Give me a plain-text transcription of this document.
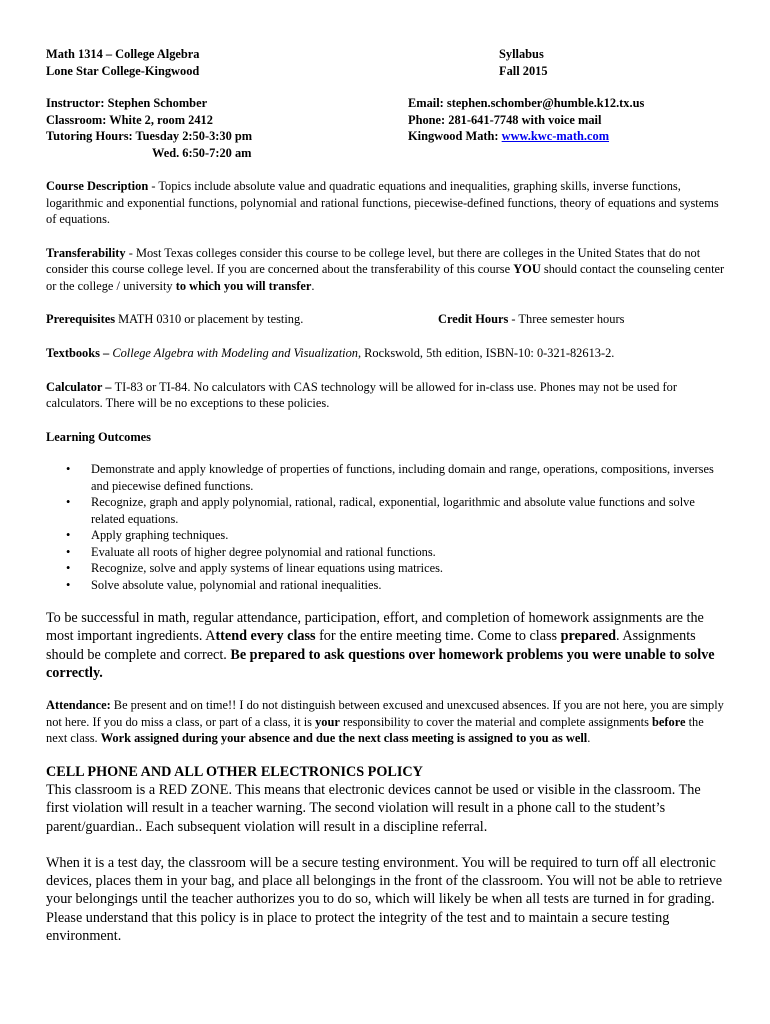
Math 1314 – College Algebra
Lone Star College-Kingwood
Syllabus
Fall 2015
Instructor: Stephen Schomber
Classroom: White 2, room 2412
Tutoring Hours: Tuesday 2:50-3:30 pm
Wed. 6:50-7:20 am
Email: stephen.schomber@humble.k12.tx.us
Phone: 281-641-7748 with voice mail
Kingwood Math: www.kwc-math.com

Course Description - Topics include absolute value and quadratic equations and inequalities, graphing skills, inverse functions, logarithmic and exponential functions, polynomial and rational functions, piecewise-defined functions, theory of equations and systems of equations.

Transferability - Most Texas colleges consider this course to be college level, but there are colleges in the United States that do not consider this course college level. If you are concerned about the transferability of this course YOU should contact the counseling center or the college / university to which you will transfer.

Prerequisites MATH 0310 or placement by testing.	Credit Hours - Three semester hours

Textbooks – College Algebra with Modeling and Visualization, Rockswold, 5th edition, ISBN-10: 0-321-82613-2.

Calculator – TI-83 or TI-84. No calculators with CAS technology will be allowed for in-class use. Phones may not be used for calculators. There will be no exceptions to these policies.

Learning Outcomes

• Demonstrate and apply knowledge of properties of functions, including domain and range, operations, compositions, inverses and piecewise defined functions.
• Recognize, graph and apply polynomial, rational, radical, exponential, logarithmic and absolute value functions and solve related equations.
• Apply graphing techniques.
• Evaluate all roots of higher degree polynomial and rational functions.
• Recognize, solve and apply systems of linear equations using matrices.
• Solve absolute value, polynomial and rational inequalities.

To be successful in math, regular attendance, participation, effort, and completion of homework assignments are the most important ingredients. Attend every class for the entire meeting time. Come to class prepared. Assignments should be complete and correct. Be prepared to ask questions over homework problems you were unable to solve correctly.

Attendance: Be present and on time!! I do not distinguish between excused and unexcused absences. If you are not here, you are simply not here. If you do miss a class, or part of a class, it is your responsibility to cover the material and complete assignments before the next class. Work assigned during your absence and due the next class meeting is assigned to you as well.

CELL PHONE AND ALL OTHER ELECTRONICS POLICY

This classroom is a RED ZONE. This means that electronic devices cannot be used or visible in the classroom. The first violation will result in a teacher warning. The second violation will result in a phone call to the student’s parent/guardian.. Each subsequent violation will result in a discipline referral.

When it is a test day, the classroom will be a secure testing environment. You will be required to turn off all electronic devices, places them in your bag, and place all belongings in the front of the classroom. You will not be able to retrieve your belongings until the teacher authorizes you to do so, which will likely be when all tests are turned in for grading. Please understand that this policy is in place to protect the integrity of the test and to maintain a secure testing environment.
